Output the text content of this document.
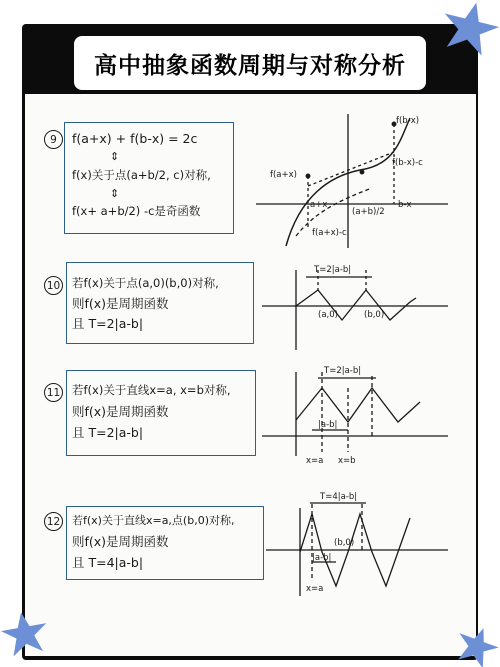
高中抽象函数周期与对称分析
9	f(a+x) + f(b-x) = 2c
⇕
f(x)关于点(a+b/2, c)对称,
⇕
f(x+ a+b/2) -c是奇函数
10 若f(x)关于点(a,0)(b,0)对称,
则f(x)是周期函数
且 T=2|a-b|
11 若f(x)关于直线x=a, x=b对称,
则f(x)是周期函数
且 T=2|a-b|
12 若f(x)关于直线x=a,点(b,0)对称,
则f(x)是周期函数
且 T=4|a-b|
f(b-x)
f(a+x)
f(b-x)-c
a+x
(a+b)/2
b-x
f(a+x)-c
T=2|a-b|
(a,0)	(b,0)
T=2|a-b|
|a-b|
x=a x=b
T=4|a-b|
|a-b|
(b,0)
x=a
